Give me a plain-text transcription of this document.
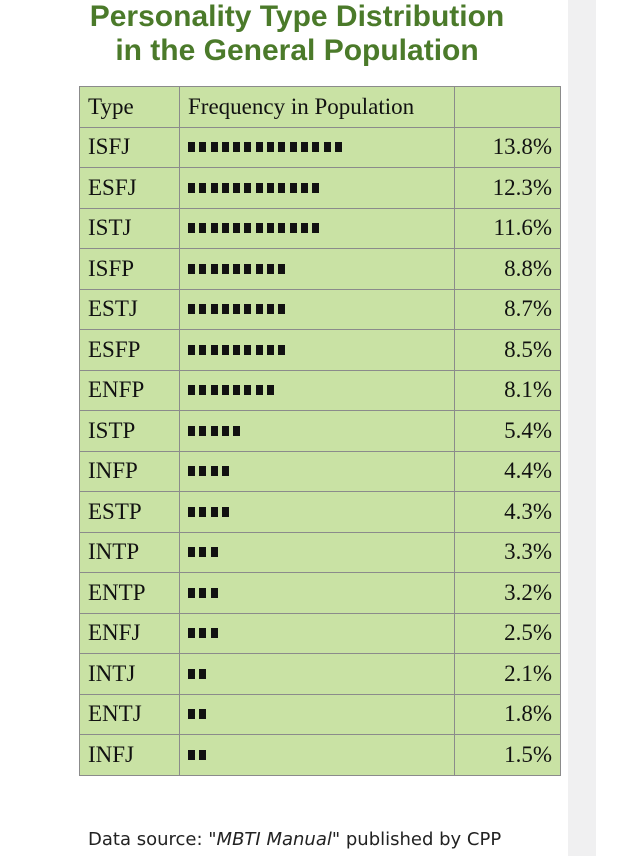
Personality Type Distribution
in the General Population
Type	Frequency in Population	
ISFJ		13.8%
ESFJ		12.3%
ISTJ		11.6%
ISFP		8.8%
ESTJ		8.7%
ESFP		8.5%
ENFP		8.1%
ISTP		5.4%
INFP		4.4%
ESTP		4.3%
INTP		3.3%
ENTP		3.2%
ENFJ		2.5%
INTJ		2.1%
ENTJ		1.8%
INFJ		1.5%
Data source: "MBTI Manual" published by CPP
